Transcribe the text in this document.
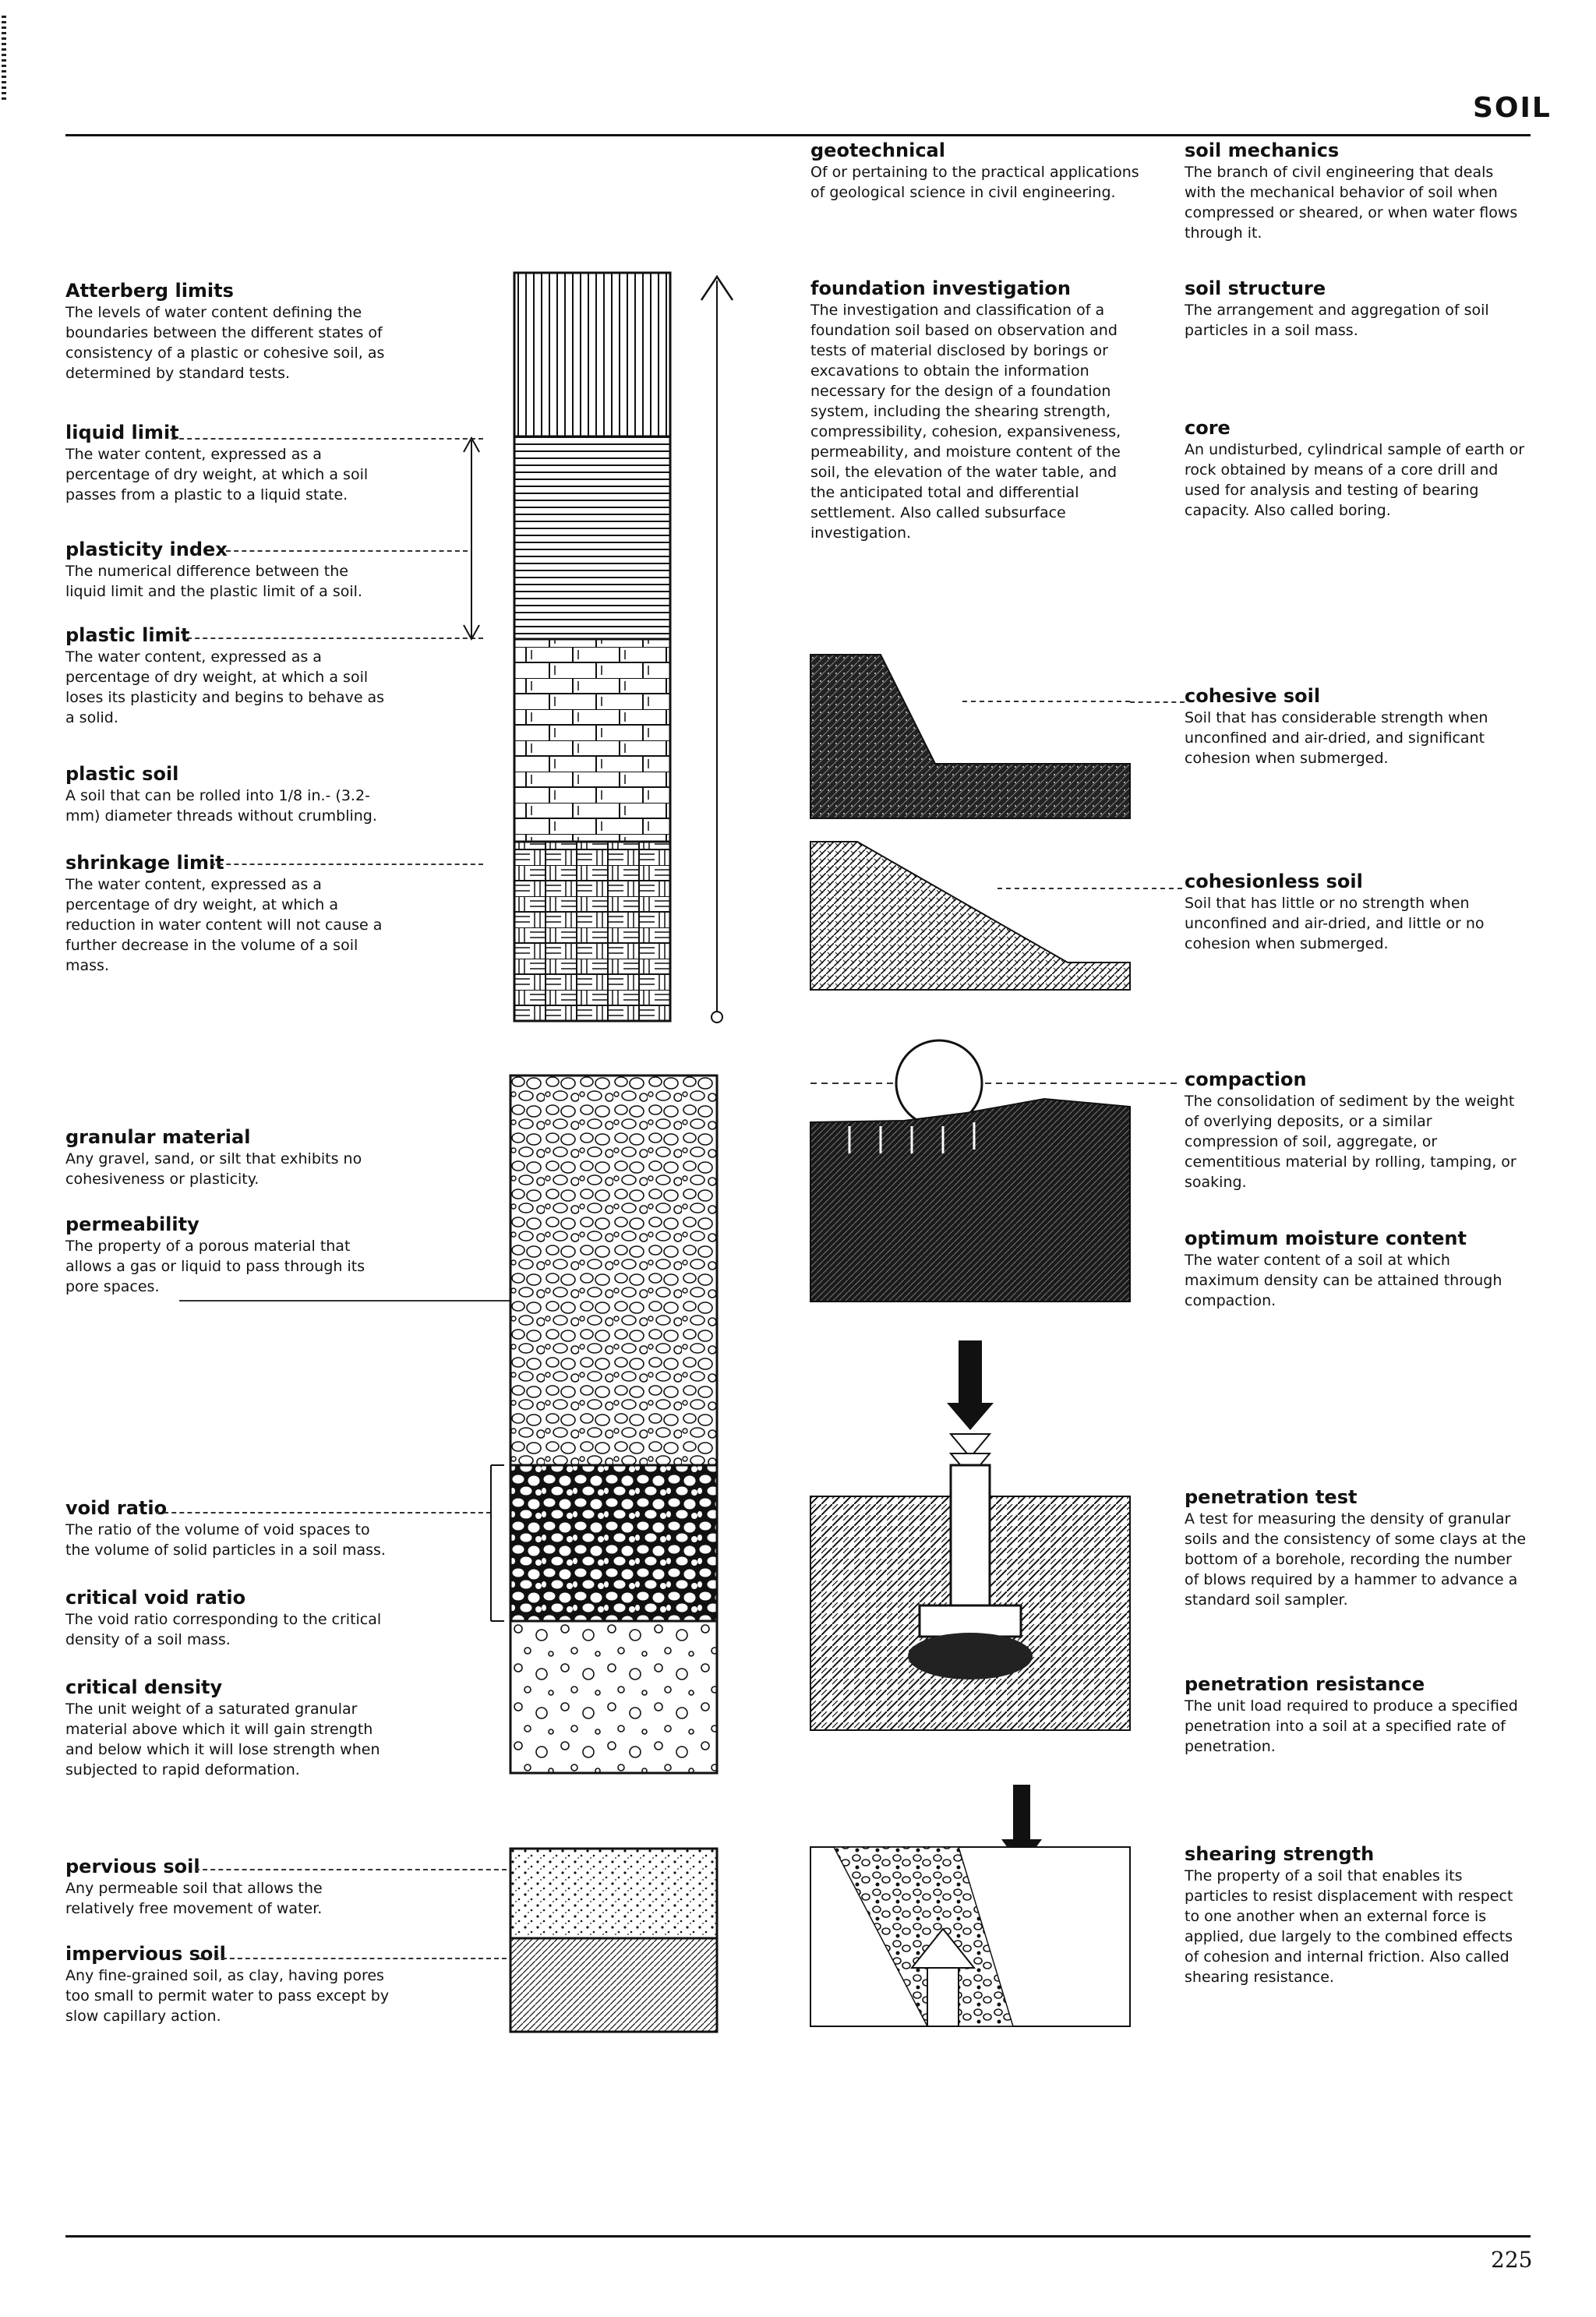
SOIL
Atterberg limits
The levels of water content defining the boundaries between the different states of consistency of a plastic or cohesive soil, as determined by standard tests.
liquid limit
The water content, expressed as a percentage of dry weight, at which a soil passes from a plastic to a liquid state.
plasticity index
The numerical difference between the liquid limit and the plastic limit of a soil.
plastic limit
The water content, expressed as a percentage of dry weight, at which a soil loses its plasticity and begins to behave as a solid.
plastic soil
A soil that can be rolled into 1/8 in.- (3.2-mm) diameter threads without crumbling.
shrinkage limit
The water content, expressed as a percentage of dry weight, at which a reduction in water content will not cause a further decrease in the volume of a soil mass.
granular material
Any gravel, sand, or silt that exhibits no cohesiveness or plasticity.
permeability
The property of a porous material that allows a gas or liquid to pass through its pore spaces.
void ratio
The ratio of the volume of void spaces to the volume of solid particles in a soil mass.
critical void ratio
The void ratio corresponding to the critical density of a soil mass.
critical density
The unit weight of a saturated granular material above which it will gain strength and below which it will lose strength when subjected to rapid deformation.
pervious soil
Any permeable soil that allows the relatively free movement of water.
impervious soil
Any fine-grained soil, as clay, having pores too small to permit water to pass except by slow capillary action.
geotechnical
Of or pertaining to the practical applications of geological science in civil engineering.
foundation investigation
The investigation and classification of a foundation soil based on observation and tests of material disclosed by borings or excavations to obtain the information necessary for the design of a foundation system, including the shearing strength, compressibility, cohesion, expansiveness, permeability, and moisture content of the soil, the elevation of the water table, and the anticipated total and differential settlement. Also called subsurface investigation.
soil mechanics
The branch of civil engineering that deals with the mechanical behavior of soil when compressed or sheared, or when water flows through it.
soil structure
The arrangement and aggregation of soil particles in a soil mass.
core
An undisturbed, cylindrical sample of earth or rock obtained by means of a core drill and used for analysis and testing of bearing capacity. Also called boring.
cohesive soil
Soil that has considerable strength when unconfined and air-dried, and significant cohesion when submerged.
cohesionless soil
Soil that has little or no strength when unconfined and air-dried, and little or no cohesion when submerged.
compaction
The consolidation of sediment by the weight of overlying deposits, or a similar compression of soil, aggregate, or cementitious material by rolling, tamping, or soaking.
optimum moisture content
The water content of a soil at which maximum density can be attained through compaction.
penetration test
A test for measuring the density of granular soils and the consistency of some clays at the bottom of a borehole, recording the number of blows required by a hammer to advance a standard soil sampler.
penetration resistance
The unit load required to produce a specified penetration into a soil at a specified rate of penetration.
shearing strength
The property of a soil that enables its particles to resist displacement with respect to one another when an external force is applied, due largely to the combined effects of cohesion and internal friction. Also called shearing resistance.
225
